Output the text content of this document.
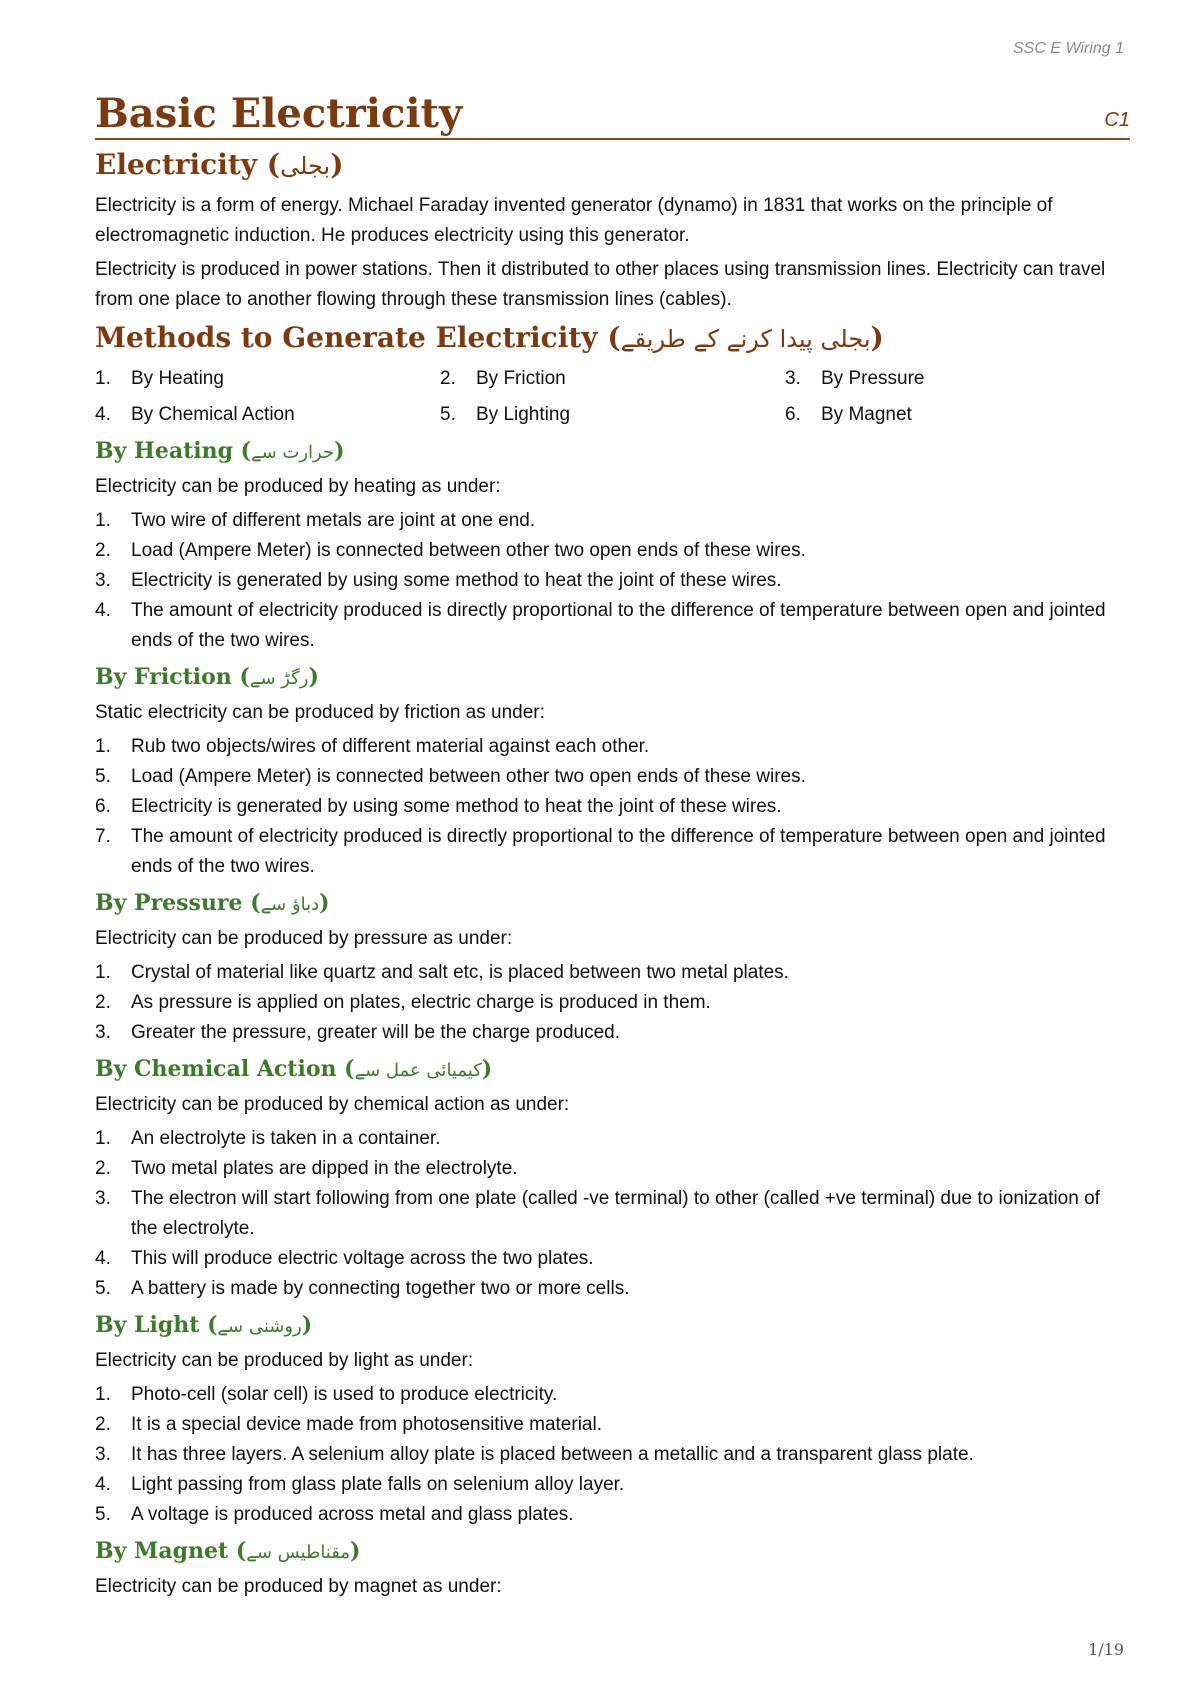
SSC E Wiring 1
Basic Electricity	C1
Electricity (بجلی)

Electricity is a form of energy. Michael Faraday invented generator (dynamo) in 1831 that works on the principle of electromagnetic induction. He produces electricity using this generator.

Electricity is produced in power stations. Then it distributed to other places using transmission lines. Electricity can travel from one place to another flowing through these transmission lines (cables).

Methods to Generate Electricity (بجلی پیدا کرنے کے طریقے)
1.	By Heating	2.	By Friction	3.	By Pressure
4.	By Chemical Action	5.	By Lighting	6.	By Magnet
By Heating (حرارت سے)

Electricity can be produced by heating as under:

1.	Two wire of different metals are joint at one end.
2.	Load (Ampere Meter) is connected between other two open ends of these wires.
3.	Electricity is generated by using some method to heat the joint of these wires.
4.	The amount of electricity produced is directly proportional to the difference of temperature between open and jointed ends of the two wires.
By Friction (رگڑ سے)

Static electricity can be produced by friction as under:

1.	Rub two objects/wires of different material against each other.
5.	Load (Ampere Meter) is connected between other two open ends of these wires.
6.	Electricity is generated by using some method to heat the joint of these wires.
7.	The amount of electricity produced is directly proportional to the difference of temperature between open and jointed ends of the two wires.
By Pressure (دباؤ سے)

Electricity can be produced by pressure as under:

1.	Crystal of material like quartz and salt etc, is placed between two metal plates.
2.	As pressure is applied on plates, electric charge is produced in them.
3.	Greater the pressure, greater will be the charge produced.
By Chemical Action (کیمیائی عمل سے)

Electricity can be produced by chemical action as under:

1.	An electrolyte is taken in a container.
2.	Two metal plates are dipped in the electrolyte.
3.	The electron will start following from one plate (called -ve terminal) to other (called +ve terminal) due to ionization of the electrolyte.
4.	This will produce electric voltage across the two plates.
5.	A battery is made by connecting together two or more cells.
By Light (روشنی سے)

Electricity can be produced by light as under:

1.	Photo-cell (solar cell) is used to produce electricity.
2.	It is a special device made from photosensitive material.
3.	It has three layers. A selenium alloy plate is placed between a metallic and a transparent glass plate.
4.	Light passing from glass plate falls on selenium alloy layer.
5.	A voltage is produced across metal and glass plates.
By Magnet (مقناطیس سے)

Electricity can be produced by magnet as under:

1/19
